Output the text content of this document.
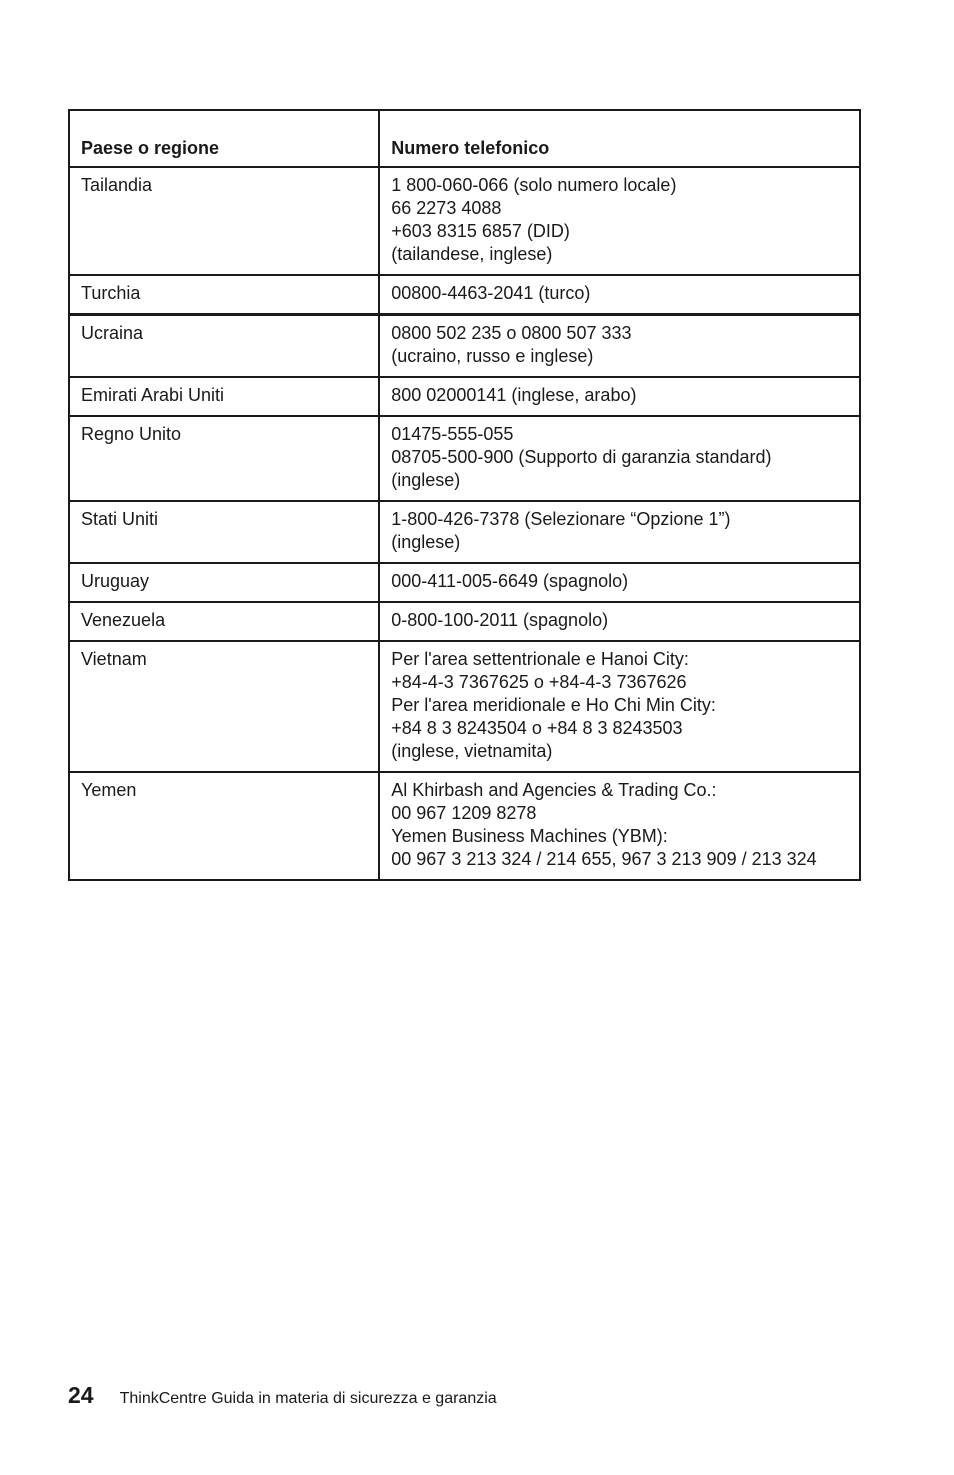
Paese o regione	Numero telefonico
Tailandia	1 800-060-066 (solo numero locale)
66 2273 4088
+603 8315 6857 (DID)
(tailandese, inglese)

Turchia	00800-4463-2041 (turco)

Ucraina	0800 502 235 o 0800 507 333
(ucraino, russo e inglese)

Emirati Arabi Uniti	800 02000141 (inglese, arabo)

Regno Unito	01475-555-055
08705-500-900 (Supporto di garanzia standard)
(inglese)

Stati Uniti	1-800-426-7378 (Selezionare “Opzione 1”)
(inglese)

Uruguay	000-411-005-6649 (spagnolo)

Venezuela	0-800-100-2011 (spagnolo)

Vietnam	Per l'area settentrionale e Hanoi City:
+84-4-3 7367625 o +84-4-3 7367626
Per l'area meridionale e Ho Chi Min City:
+84 8 3 8243504 o +84 8 3 8243503
(inglese, vietnamita)

Yemen	Al Khirbash and Agencies & Trading Co.:
00 967 1209 8278
Yemen Business Machines (YBM):
00 967 3 213 324 / 214 655, 967 3 213 909 / 213 324
24 ThinkCentre Guida in materia di sicurezza e garanzia
